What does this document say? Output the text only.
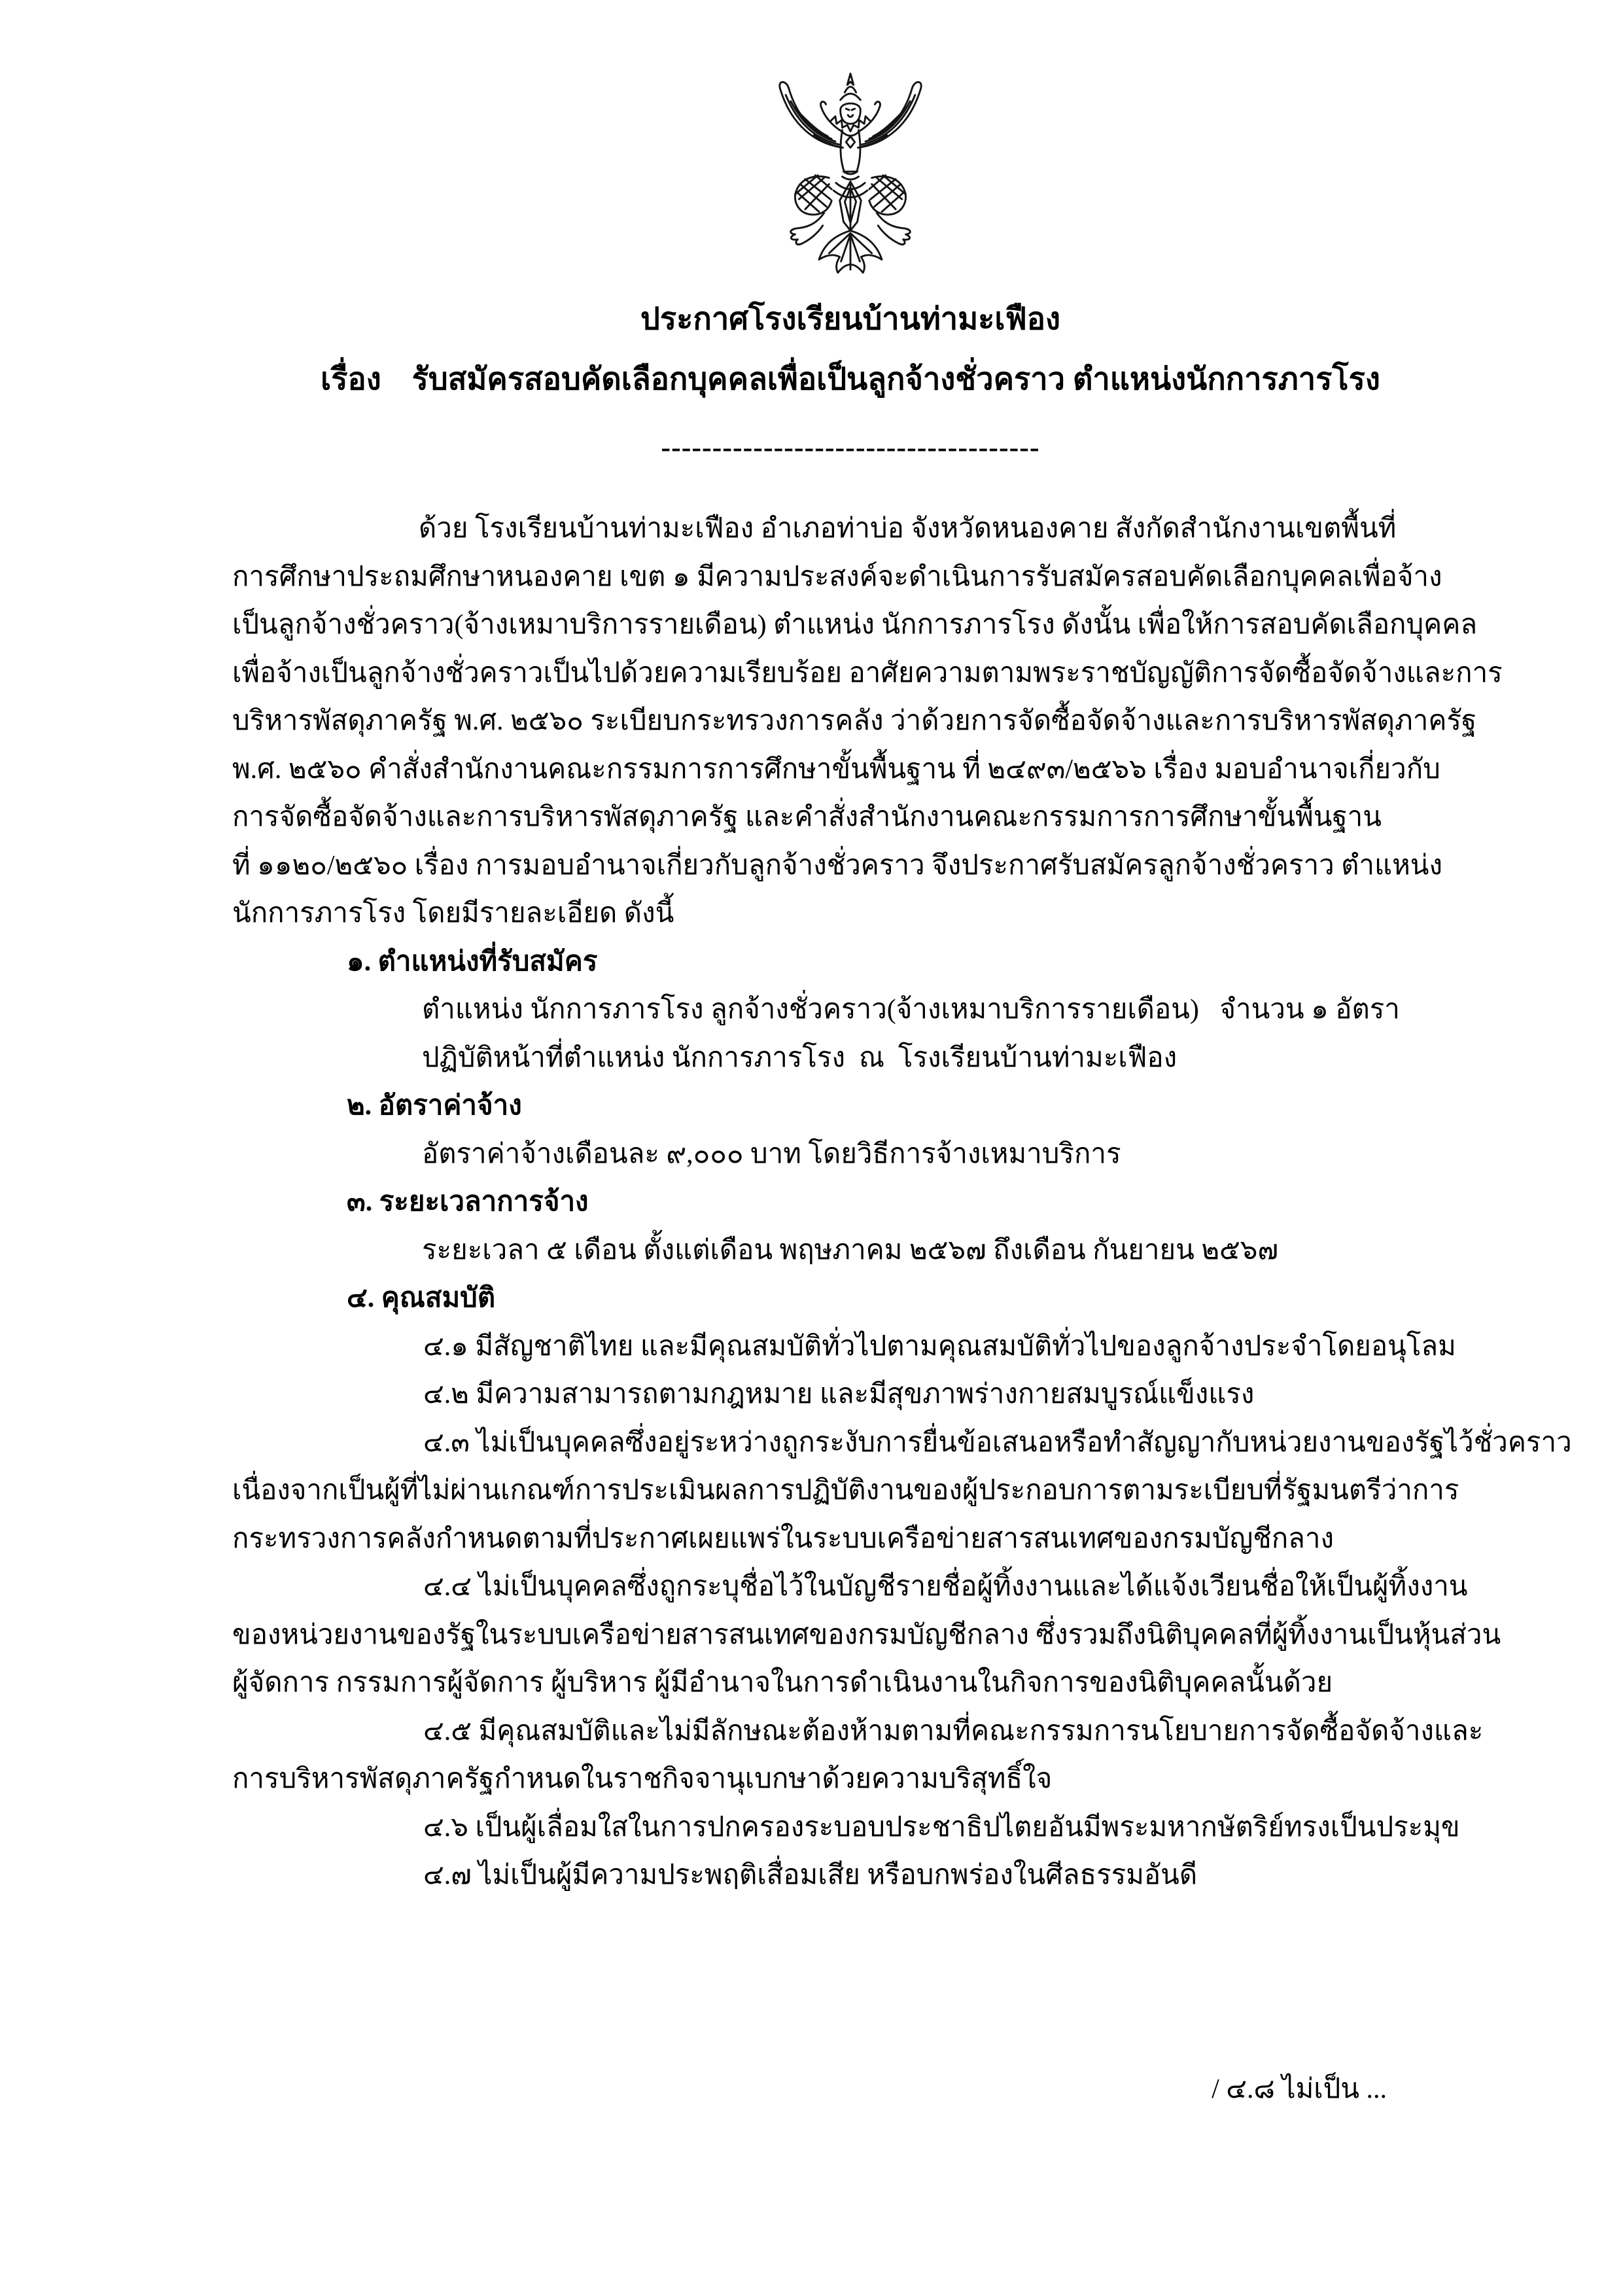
ประกาศโรงเรียนบ้านท่ามะเฟือง
เรื่อง    รับสมัครสอบคัดเลือกบุคคลเพื่อเป็นลูกจ้างชั่วคราว ตำแหน่งนักการภารโรง
-------------------------------------
ด้วย โรงเรียนบ้านท่ามะเฟือง อำเภอท่าบ่อ จังหวัดหนองคาย สังกัดสำนักงานเขตพื้นที่
การศึกษาประถมศึกษาหนองคาย เขต ๑ มีความประสงค์จะดำเนินการรับสมัครสอบคัดเลือกบุคคลเพื่อจ้าง
เป็นลูกจ้างชั่วคราว(จ้างเหมาบริการรายเดือน) ตำแหน่ง นักการภารโรง ดังนั้น เพื่อให้การสอบคัดเลือกบุคคล
เพื่อจ้างเป็นลูกจ้างชั่วคราวเป็นไปด้วยความเรียบร้อย อาศัยความตามพระราชบัญญัติการจัดซื้อจัดจ้างและการ
บริหารพัสดุภาครัฐ พ.ศ. ๒๕๖๐ ระเบียบกระทรวงการคลัง ว่าด้วยการจัดซื้อจัดจ้างและการบริหารพัสดุภาครัฐ
พ.ศ. ๒๕๖๐ คำสั่งสำนักงานคณะกรรมการการศึกษาขั้นพื้นฐาน ที่ ๒๔๙๓/๒๕๖๖ เรื่อง มอบอำนาจเกี่ยวกับ
การจัดซื้อจัดจ้างและการบริหารพัสดุภาครัฐ และคำสั่งสำนักงานคณะกรรมการการศึกษาขั้นพื้นฐาน
ที่ ๑๑๒๐/๒๕๖๐ เรื่อง การมอบอำนาจเกี่ยวกับลูกจ้างชั่วคราว จึงประกาศรับสมัครลูกจ้างชั่วคราว ตำแหน่ง
นักการภารโรง โดยมีรายละเอียด ดังนี้
๑. ตำแหน่งที่รับสมัคร
ตำแหน่ง นักการภารโรง ลูกจ้างชั่วคราว(จ้างเหมาบริการรายเดือน)   จำนวน ๑ อัตรา
ปฏิบัติหน้าที่ตำแหน่ง นักการภารโรง  ณ  โรงเรียนบ้านท่ามะเฟือง
๒. อัตราค่าจ้าง
อัตราค่าจ้างเดือนละ ๙,๐๐๐ บาท โดยวิธีการจ้างเหมาบริการ
๓. ระยะเวลาการจ้าง
ระยะเวลา ๕ เดือน ตั้งแต่เดือน พฤษภาคม ๒๕๖๗ ถึงเดือน กันยายน ๒๕๖๗
๔. คุณสมบัติ
๔.๑ มีสัญชาติไทย และมีคุณสมบัติทั่วไปตามคุณสมบัติทั่วไปของลูกจ้างประจำโดยอนุโลม
๔.๒ มีความสามารถตามกฎหมาย และมีสุขภาพร่างกายสมบูรณ์แข็งแรง
๔.๓ ไม่เป็นบุคคลซึ่งอยู่ระหว่างถูกระงับการยื่นข้อเสนอหรือทำสัญญากับหน่วยงานของรัฐไว้ชั่วคราว
เนื่องจากเป็นผู้ที่ไม่ผ่านเกณฑ์การประเมินผลการปฏิบัติงานของผู้ประกอบการตามระเบียบที่รัฐมนตรีว่าการ
กระทรวงการคลังกำหนดตามที่ประกาศเผยแพร่ในระบบเครือข่ายสารสนเทศของกรมบัญชีกลาง
๔.๔ ไม่เป็นบุคคลซึ่งถูกระบุชื่อไว้ในบัญชีรายชื่อผู้ทิ้งงานและได้แจ้งเวียนชื่อให้เป็นผู้ทิ้งงาน
ของหน่วยงานของรัฐในระบบเครือข่ายสารสนเทศของกรมบัญชีกลาง ซึ่งรวมถึงนิติบุคคลที่ผู้ทิ้งงานเป็นหุ้นส่วน
ผู้จัดการ กรรมการผู้จัดการ ผู้บริหาร ผู้มีอำนาจในการดำเนินงานในกิจการของนิติบุคคลนั้นด้วย
๔.๕ มีคุณสมบัติและไม่มีลักษณะต้องห้ามตามที่คณะกรรมการนโยบายการจัดซื้อจัดจ้างและ
การบริหารพัสดุภาครัฐกำหนดในราชกิจจานุเบกษาด้วยความบริสุทธิ์ใจ
๔.๖ เป็นผู้เลื่อมใสในการปกครองระบอบประชาธิปไตยอันมีพระมหากษัตริย์ทรงเป็นประมุข
๔.๗ ไม่เป็นผู้มีความประพฤติเสื่อมเสีย หรือบกพร่องในศีลธรรมอันดี
/ ๔.๘ ไม่เป็น ...
